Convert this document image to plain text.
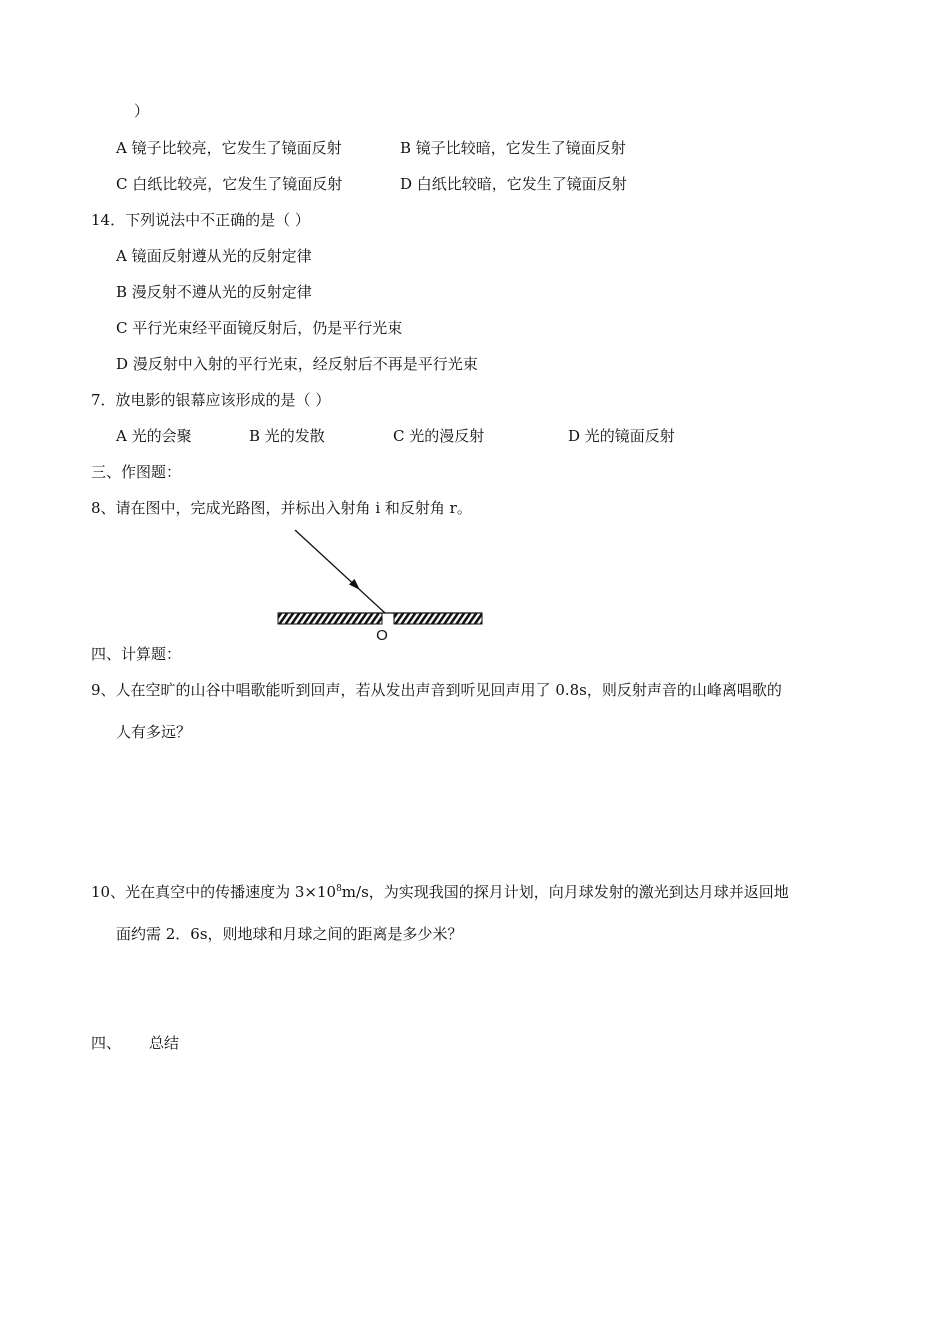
）
A 镜子比较亮，它发生了镜面反射	B 镜子比较暗，它发生了镜面反射
C 白纸比较亮，它发生了镜面反射	D 白纸比较暗，它发生了镜面反射
14．下列说法中不正确的是（ ）
A 镜面反射遵从光的反射定律
B 漫反射不遵从光的反射定律
C 平行光束经平面镜反射后，仍是平行光束
D 漫反射中入射的平行光束，经反射后不再是平行光束
7．放电影的银幕应该形成的是（ ）
A 光的会聚	B 光的发散	C 光的漫反射	D 光的镜面反射
三、作图题：
8、请在图中，完成光路图，并标出入射角 i 和反射角 r。
O
四、计算题：
9、人在空旷的山谷中唱歌能听到回声，若从发出声音到听见回声用了 0.8s，则反射声音的山峰离唱歌的
人有多远？
10、光在真空中的传播速度为 $3\times 10^8m/s$，为实现我国的探月计划，向月球发射的激光到达月球并返回地
面约需 2．6s，则地球和月球之间的距离是多少米？
四、 总结
